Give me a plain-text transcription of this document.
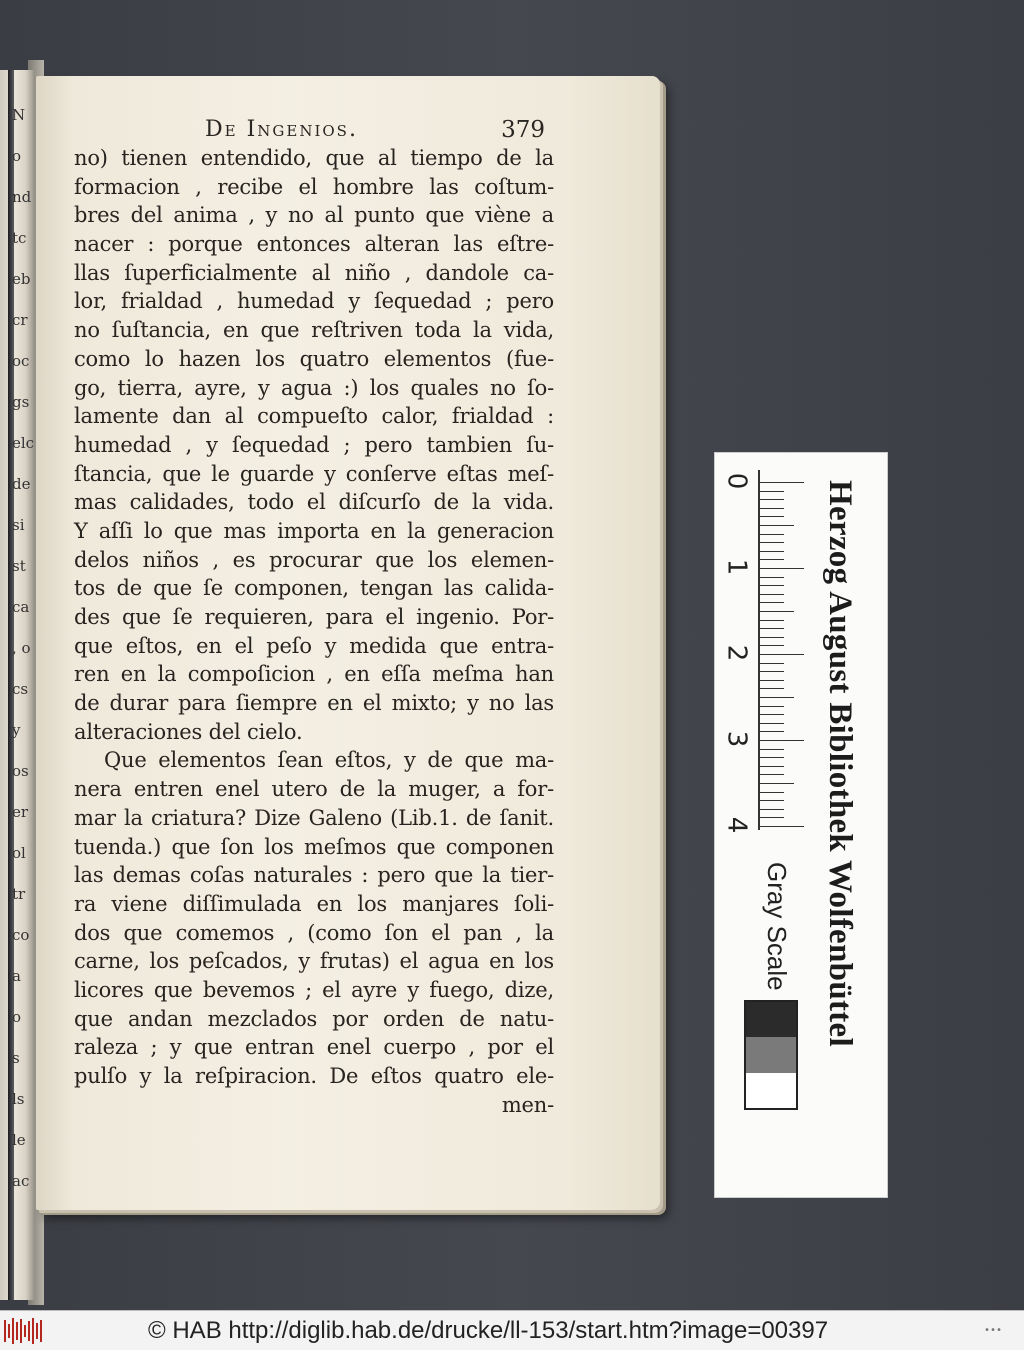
N
o
nd
tc
eb
cr
oc
gs
elc
de
si
st
ca
, o
cs
y
os
er
ol
tr
co
a
o
s
ls
le
ac
De Ingenios.	379
no) tienen entendido, que al tiempo de la
formacion , recibe el hombre las coſtum-
bres del anima , y no al punto que viène a
nacer : porque entonces alteran las eſtre-
llas ſuperficialmente al niño , dandole ca-
lor, frialdad , humedad y ſequedad ; pero
no ſuſtancia, en que reſtriven toda la vida,
como lo hazen los quatro elementos (fue-
go, tierra, ayre, y agua :) los quales no ſo-
lamente dan al compueſto calor, frialdad :
humedad , y ſequedad ; pero tambien ſu-
ſtancia, que le guarde y conſerve eſtas meſ-
mas calidades, todo el diſcurſo de la vida.
Y aſſi lo que mas importa en la generacion
delos niños , es procurar que los elemen-
tos de que ſe componen, tengan las calida-
des que ſe requieren, para el ingenio. Por-
que eſtos, en el peſo y medida que entra-
ren en la compoſicion , en eſſa meſma han
de durar para ſiempre en el mixto; y no las
alteraciones del cielo.
Que elementos ſean eſtos, y de que ma-
nera entren enel utero de la muger, a for-
mar la criatura? Dize Galeno (Lib.1. de ſanit.
tuenda.) que ſon los meſmos que componen
las demas coſas naturales : pero que la tier-
ra viene diſſimulada en los manjares ſoli-
dos que comemos , (como ſon el pan , la
carne, los peſcados, y frutas) el agua en los
licores que bevemos ; el ayre y fuego, dize,
que andan mezclados por orden de natu-
raleza ; y que entran enel cuerpo , por el
pulſo y la reſpiracion. De eſtos quatro ele-
men-
0
1
2
3
4 Herzog August Bibliothek Wolfenbüttel
Gray Scale
© HAB http://diglib.hab.de/drucke/ll-153/start.htm?image=00397	•••
